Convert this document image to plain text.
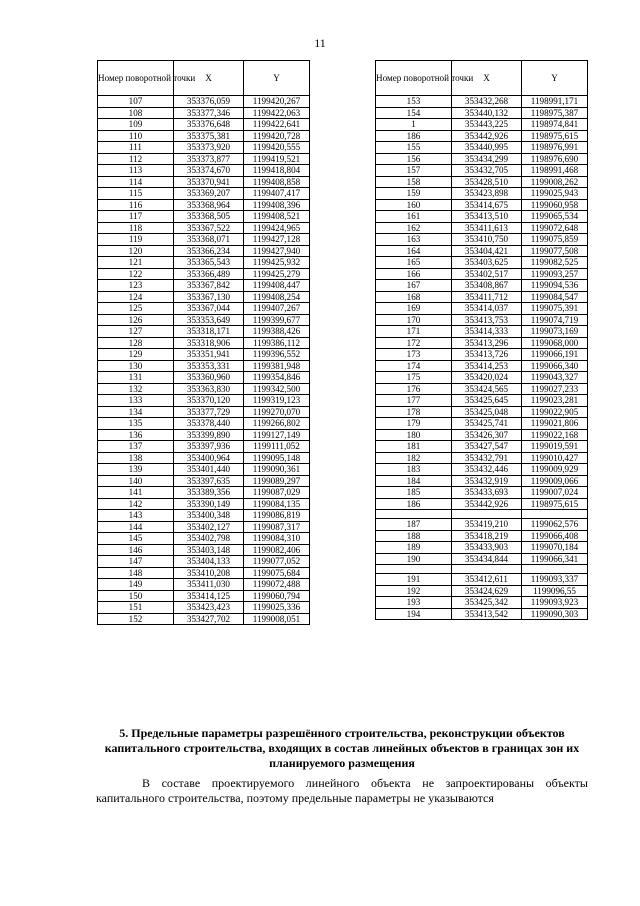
11
Номер поворотной точки	X	Y
107	353376,059	1199420,267
108	353377,346	1199422,063
109	353376,648	1199422,641
110	353375,381	1199420,728
111	353373,920	1199420,555
112	353373,877	1199419,521
113	353374,670	1199418,804
114	353370,941	1199408,858
115	353369,207	1199407,417
116	353368,964	1199408,396
117	353368,505	1199408,521
118	353367,522	1199424,965
119	353368,071	1199427,128
120	353366,234	1199427,940
121	353365,543	1199425,932
122	353366,489	1199425,279
123	353367,842	1199408,447
124	353367,130	1199408,254
125	353367,044	1199407,267
126	353353,649	1199399,677
127	353318,171	1199388,426
128	353318,906	1199386,112
129	353351,941	1199396,552
130	353353,331	1199381,948
131	353360,960	1199354,846
132	353363,830	1199342,500
133	353370,120	1199319,123
134	353377,729	1199270,070
135	353378,440	1199266,802
136	353399,890	1199127,149
137	353397,936	1199111,052
138	353400,964	1199095,148
139	353401,440	1199090,361
140	353397,635	1199089,297
141	353389,356	1199087,029
142	353390,149	1199084,135
143	353400,348	1199086,819
144	353402,127	1199087,317
145	353402,798	1199084,310
146	353403,148	1199082,406
147	353404,133	1199077,052
148	353410,208	1199075,684
149	353411,030	1199072,488
150	353414,125	1199060,794
151	353423,423	1199025,336
152	353427,702	1199008,051
Номер поворотной точки	X	Y
153	353432,268	1198991,171
154	353440,132	1198975,387
1	353443,225	1198974,841
186	353442,926	1198975,615
155	353440,995	1198976,991
156	353434,299	1198976,690
157	353432,705	1198991,468
158	353428,510	1199008,262
159	353423,898	1199025,943
160	353414,675	1199060,958
161	353413,510	1199065,534
162	353411,613	1199072,648
163	353410,750	1199075,859
164	353404,421	1199077,508
165	353403,625	1199082,525
166	353402,517	1199093,257
167	353408,867	1199094,536
168	353411,712	1199084,547
169	353414,037	1199075,391
170	353413,753	1199074,719
171	353414,333	1199073,169
172	353413,296	1199068,000
173	353413,726	1199066,191
174	353414,253	1199066,340
175	353420,024	1199043,327
176	353424,565	1199027,233
177	353425,645	1199023,281
178	353425,048	1199022,905
179	353425,741	1199021,806
180	353426,307	1199022,168
181	353427,547	1199019,591
182	353432,791	1199010,427
183	353432,446	1199009,929
184	353432,919	1199009,066
185	353433,693	1199007,024
186	353442,926	1198975,615

187	353419,210	1199062,576
188	353418,219	1199066,408
189	353433,903	1199070,184
190	353434,844	1199066,341

191	353412,611	1199093,337
192	353424,629	1199096,55
193	353425,342	1199093,923
194	353413,542	1199090,303
5. Предельные параметры разрешённого строительства, реконструкции объектов капитального строительства, входящих в состав линейных объектов в границах зон их планируемого размещения

В составе проектируемого линейного объекта не запроектированы объекты капитального строительства, поэтому предельные параметры не указываются
